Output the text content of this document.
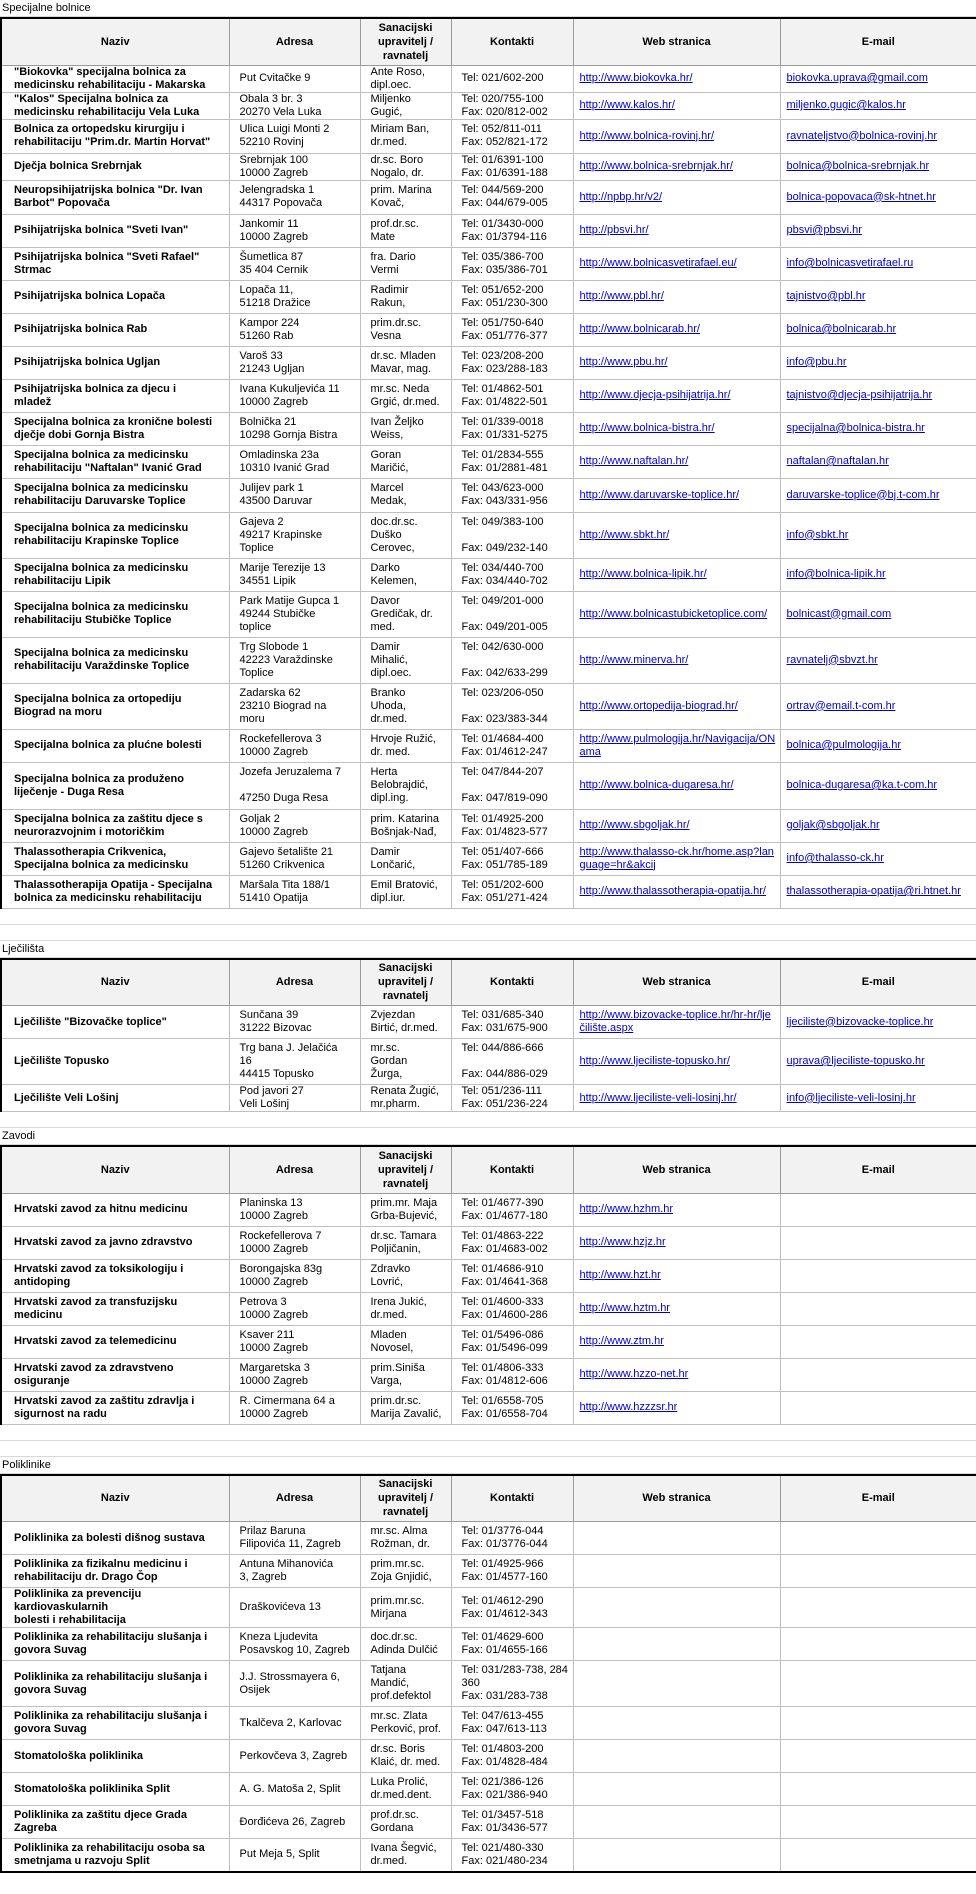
Specijalne bolnice
Naziv	Adresa	Sanacijski
upravitelj /
ravnatelj	Kontakti	Web stranica	E-mail
"Biokovka" specijalna bolnica za
medicinsku rehabilitaciju - Makarska	Put Cvitačke 9	Ante Roso,
dipl.oec.	Tel: 021/602-200	http://www.biokovka.hr/	biokovka.uprava@gmail.com
"Kalos" Specijalna bolnica za
medicinsku rehabilitaciju Vela Luka	Obala 3 br. 3
20270 Vela Luka	Miljenko
Gugić,	Tel: 020/755-100
Fax: 020/812-002	http://www.kalos.hr/	miljenko.gugic@kalos.hr
Bolnica za ortopedsku kirurgiju i
rehabilitaciju "Prim.dr. Martin Horvat"	Ulica Luigi Monti 2
52210 Rovinj	Miriam Ban,
dr.med.	Tel: 052/811-011
Fax: 052/821-172	http://www.bolnica-rovinj.hr/	ravnateljstvo@bolnica-rovinj.hr
Dječja bolnica Srebrnjak	Srebrnjak 100
10000 Zagreb	dr.sc. Boro
Nogalo, dr.	Tel: 01/6391-100
Fax: 01/6391-188	http://www.bolnica-srebrnjak.hr/	bolnica@bolnica-srebrnjak.hr
Neuropsihijatrijska bolnica "Dr. Ivan
Barbot" Popovača	Jelengradska 1
44317 Popovača	prim. Marina
Kovač,	Tel: 044/569-200
Fax: 044/679-005	http://npbp.hr/v2/	bolnica-popovaca@sk-htnet.hr
Psihijatrijska bolnica "Sveti Ivan"	Jankomir 11
10000 Zagreb	prof.dr.sc.
Mate	Tel: 01/3430-000
Fax: 01/3794-116	http://pbsvi.hr/	pbsvi@pbsvi.hr
Psihijatrijska bolnica "Sveti Rafael"
Strmac	Šumetlica 87
35 404 Cernik	fra. Dario
Vermi	Tel: 035/386-700
Fax: 035/386-701	http://www.bolnicasvetirafael.eu/	info@bolnicasvetirafael.ru
Psihijatrijska bolnica Lopača	Lopača 11,
51218 Dražice	Radimir
Rakun,	Tel: 051/652-200
Fax: 051/230-300	http://www.pbl.hr/	tajnistvo@pbl.hr
Psihijatrijska bolnica Rab	Kampor 224
51260 Rab	prim.dr.sc.
Vesna	Tel: 051/750-640
Fax: 051/776-377	http://www.bolnicarab.hr/	bolnica@bolnicarab.hr
Psihijatrijska bolnica Ugljan	Varoš 33
21243 Ugljan	dr.sc. Mladen
Mavar, mag.	Tel: 023/208-200
Fax: 023/288-183	http://www.pbu.hr/	info@pbu.hr
Psihijatrijska bolnica za djecu i
mladež	Ivana Kukuljevića 11
10000 Zagreb	mr.sc. Neda
Grgić, dr.med.	Tel: 01/4862-501
Fax: 01/4822-501	http://www.djecja-psihijatrija.hr/	tajnistvo@djecja-psihijatrija.hr
Specijalna bolnica za kronične bolesti
dječje dobi Gornja Bistra	Bolnička 21
10298 Gornja Bistra	Ivan Željko
Weiss,	Tel: 01/339-0018
Fax: 01/331-5275	http://www.bolnica-bistra.hr/	specijalna@bolnica-bistra.hr
Specijalna bolnica za medicinsku
rehabilitaciju "Naftalan" Ivanić Grad	Omladinska 23a
10310 Ivanić Grad	Goran
Maričić,	Tel: 01/2834-555
Fax: 01/2881-481	http://www.naftalan.hr/	naftalan@naftalan.hr
Specijalna bolnica za medicinsku
rehabilitaciju Daruvarske Toplice	Julijev park 1
43500 Daruvar	Marcel
Medak,	Tel: 043/623-000
Fax: 043/331-956	http://www.daruvarske-toplice.hr/	daruvarske-toplice@bj.t-com.hr
Specijalna bolnica za medicinsku
rehabilitaciju Krapinske Toplice	Gajeva 2
49217 Krapinske
Toplice	doc.dr.sc.
Duško
Cerovec,	Tel: 049/383-100

Fax: 049/232-140	http://www.sbkt.hr/	info@sbkt.hr
Specijalna bolnica za medicinsku
rehabilitaciju Lipik	Marije Terezije 13
34551 Lipik	Darko
Kelemen,	Tel: 034/440-700
Fax: 034/440-702	http://www.bolnica-lipik.hr/	info@bolnica-lipik.hr
Specijalna bolnica za medicinsku
rehabilitaciju Stubičke Toplice	Park Matije Gupca 1
49244 Stubičke
toplice	Davor
Gredičak, dr.
med.	Tel: 049/201-000

Fax: 049/201-005	http://www.bolnicastubicketoplice.com/	bolnicast@gmail.com
Specijalna bolnica za medicinsku
rehabilitaciju Varaždinske Toplice	Trg Slobode 1
42223 Varaždinske
Toplice	Damir
Mihalić,
dipl.oec.	Tel: 042/630-000

Fax: 042/633-299	http://www.minerva.hr/	ravnatelj@sbvzt.hr
Specijalna bolnica za ortopediju
Biograd na moru	Zadarska 62
23210 Biograd na
moru	Branko
Uhoda,
dr.med.	Tel: 023/206-050

Fax: 023/383-344	http://www.ortopedija-biograd.hr/	ortrav@email.t-com.hr
Specijalna bolnica za plućne bolesti	Rockefellerova 3
10000 Zagreb	Hrvoje Ružić,
dr. med.	Tel: 01/4684-400
Fax: 01/4612-247	http://www.pulmologija.hr/Navigacija/ONama	bolnica@pulmologija.hr
Specijalna bolnica za produženo
liječenje - Duga Resa	Jozefa Jeruzalema 7

47250 Duga Resa	Herta
Belobrajdić,
dipl.ing.	Tel: 047/844-207

Fax: 047/819-090	http://www.bolnica-dugaresa.hr/	bolnica-dugaresa@ka.t-com.hr
Specijalna bolnica za zaštitu djece s
neurorazvojnim i motoričkim	Goljak 2
10000 Zagreb	prim. Katarina
Bošnjak-Nađ,	Tel: 01/4925-200
Fax: 01/4823-577	http://www.sbgoljak.hr/	goljak@sbgoljak.hr
Thalassotherapia Crikvenica,
Specijalna bolnica za medicinsku	Gajevo šetalište 21
51260 Crikvenica	Damir
Lončarić,	Tel: 051/407-666
Fax: 051/785-189	http://www.thalasso-ck.hr/home.asp?language=hr&akcij	info@thalasso-ck.hr
Thalassotherapija Opatija - Specijalna
bolnica za medicinsku rehabilitaciju	Maršala Tita 188/1
51410 Opatija	Emil Bratović,
dipl.iur.	Tel: 051/202-600
Fax: 051/271-424	http://www.thalassotherapia-opatija.hr/	thalassotherapia-opatija@ri.htnet.hr
Lječilišta
Naziv	Adresa	Sanacijski
upravitelj /
ravnatelj	Kontakti	Web stranica	E-mail
Lječilište "Bizovačke toplice"	Sunčana 39
31222 Bizovac	Zvjezdan
Birtić, dr.med.	Tel: 031/685-340
Fax: 031/675-900	http://www.bizovacke-toplice.hr/hr-hr/lječilište.aspx	ljeciliste@bizovacke-toplice.hr
Lječilište Topusko	Trg bana J. Jelačića
16
44415 Topusko	mr.sc.
Gordan
Žurga,	Tel: 044/886-666

Fax: 044/886-029	http://www.ljeciliste-topusko.hr/	uprava@ljeciliste-topusko.hr
Lječilište Veli Lošinj	Pod javori 27
Veli Lošinj	Renata Žugić,
mr.pharm.	Tel: 051/236-111
Fax: 051/236-224	http://www.ljeciliste-veli-losinj.hr/	info@ljeciliste-veli-losinj.hr
Zavodi
Naziv	Adresa	Sanacijski
upravitelj /
ravnatelj	Kontakti	Web stranica	E-mail
Hrvatski zavod za hitnu medicinu	Planinska 13
10000 Zagreb	prim.mr. Maja
Grba-Bujević,	Tel: 01/4677-390
Fax: 01/4677-180	http://www.hzhm.hr	
Hrvatski zavod za javno zdravstvo	Rockefellerova 7
10000 Zagreb	dr.sc. Tamara
Poljičanin,	Tel: 01/4863-222
Fax: 01/4683-002	http://www.hzjz.hr	
Hrvatski zavod za toksikologiju i
antidoping	Borongajska 83g
10000 Zagreb	Zdravko
Lovrić,	Tel: 01/4686-910
Fax: 01/4641-368	http://www.hzt.hr	
Hrvatski zavod za transfuzijsku medicinu	Petrova 3
10000 Zagreb	Irena Jukić,
dr.med.	Tel: 01/4600-333
Fax: 01/4600-286	http://www.hztm.hr	
Hrvatski zavod za telemedicinu	Ksaver 211
10000 Zagreb	Mladen
Novosel,	Tel: 01/5496-086
Fax: 01/5496-099	http://www.ztm.hr	
Hrvatski zavod za zdravstveno osiguranje	Margaretska 3
10000 Zagreb	prim.Siniša
Varga,	Tel: 01/4806-333
Fax: 01/4812-606	http://www.hzzo-net.hr	
Hrvatski zavod za zaštitu zdravlja i
sigurnost na radu	R. Cimermana 64 a
10000 Zagreb	prim.dr.sc.
Marija Zavalić,	Tel: 01/6558-705
Fax: 01/6558-704	http://www.hzzzsr.hr	
Poliklinike
Naziv	Adresa	Sanacijski
upravitelj /
ravnatelj	Kontakti	Web stranica	E-mail
Poliklinika za bolesti dišnog sustava	Prilaz Baruna
Filipovića 11, Zagreb	mr.sc. Alma
Rožman, dr.	Tel: 01/3776-044
Fax: 01/3776-044		
Poliklinika za fizikalnu medicinu i
rehabilitaciju dr. Drago Čop	Antuna Mihanovića
3, Zagreb	prim.mr.sc.
Zoja Gnjidić,	Tel: 01/4925-966
Fax: 01/4577-160		
Poliklinika za prevenciju kardiovaskularnih
bolesti i rehabilitacija	Draškovićeva 13	prim.mr.sc.
Mirjana	Tel: 01/4612-290
Fax: 01/4612-343		
Poliklinika za rehabilitaciju slušanja i
govora Suvag	Kneza Ljudevita
Posavskog 10, Zagreb	doc.dr.sc.
Adinda Dulčić	Tel: 01/4629-600
Fax: 01/4655-166		
Poliklinika za rehabilitaciju slušanja i
govora Suvag	J.J. Strossmayera 6,
Osijek	Tatjana
Mandić,
prof.defektol	Tel: 031/283-738, 284
360
Fax: 031/283-738		
Poliklinika za rehabilitaciju slušanja i
govora Suvag	Tkalčeva 2, Karlovac	mr.sc. Zlata
Perković, prof.	Tel: 047/613-455
Fax: 047/613-113		
Stomatološka poliklinika	Perkovčeva 3, Zagreb	dr.sc. Boris
Klaić, dr. med.	Tel: 01/4803-200
Fax: 01/4828-484		
Stomatološka poliklinika Split	A. G. Matoša 2, Split	Luka Prolić,
dr.med.dent.	Tel: 021/386-126
Fax: 021/386-940		
Poliklinika za zaštitu djece Grada Zagreba	Đorđićeva 26, Zagreb	prof.dr.sc.
Gordana	Tel: 01/3457-518
Fax: 01/3436-577		
Poliklinika za rehabilitaciju osoba sa
smetnjama u razvoju Split	Put Meja 5, Split	Ivana Šegvić,
dr.med.	Tel: 021/480-330
Fax: 021/480-234		
